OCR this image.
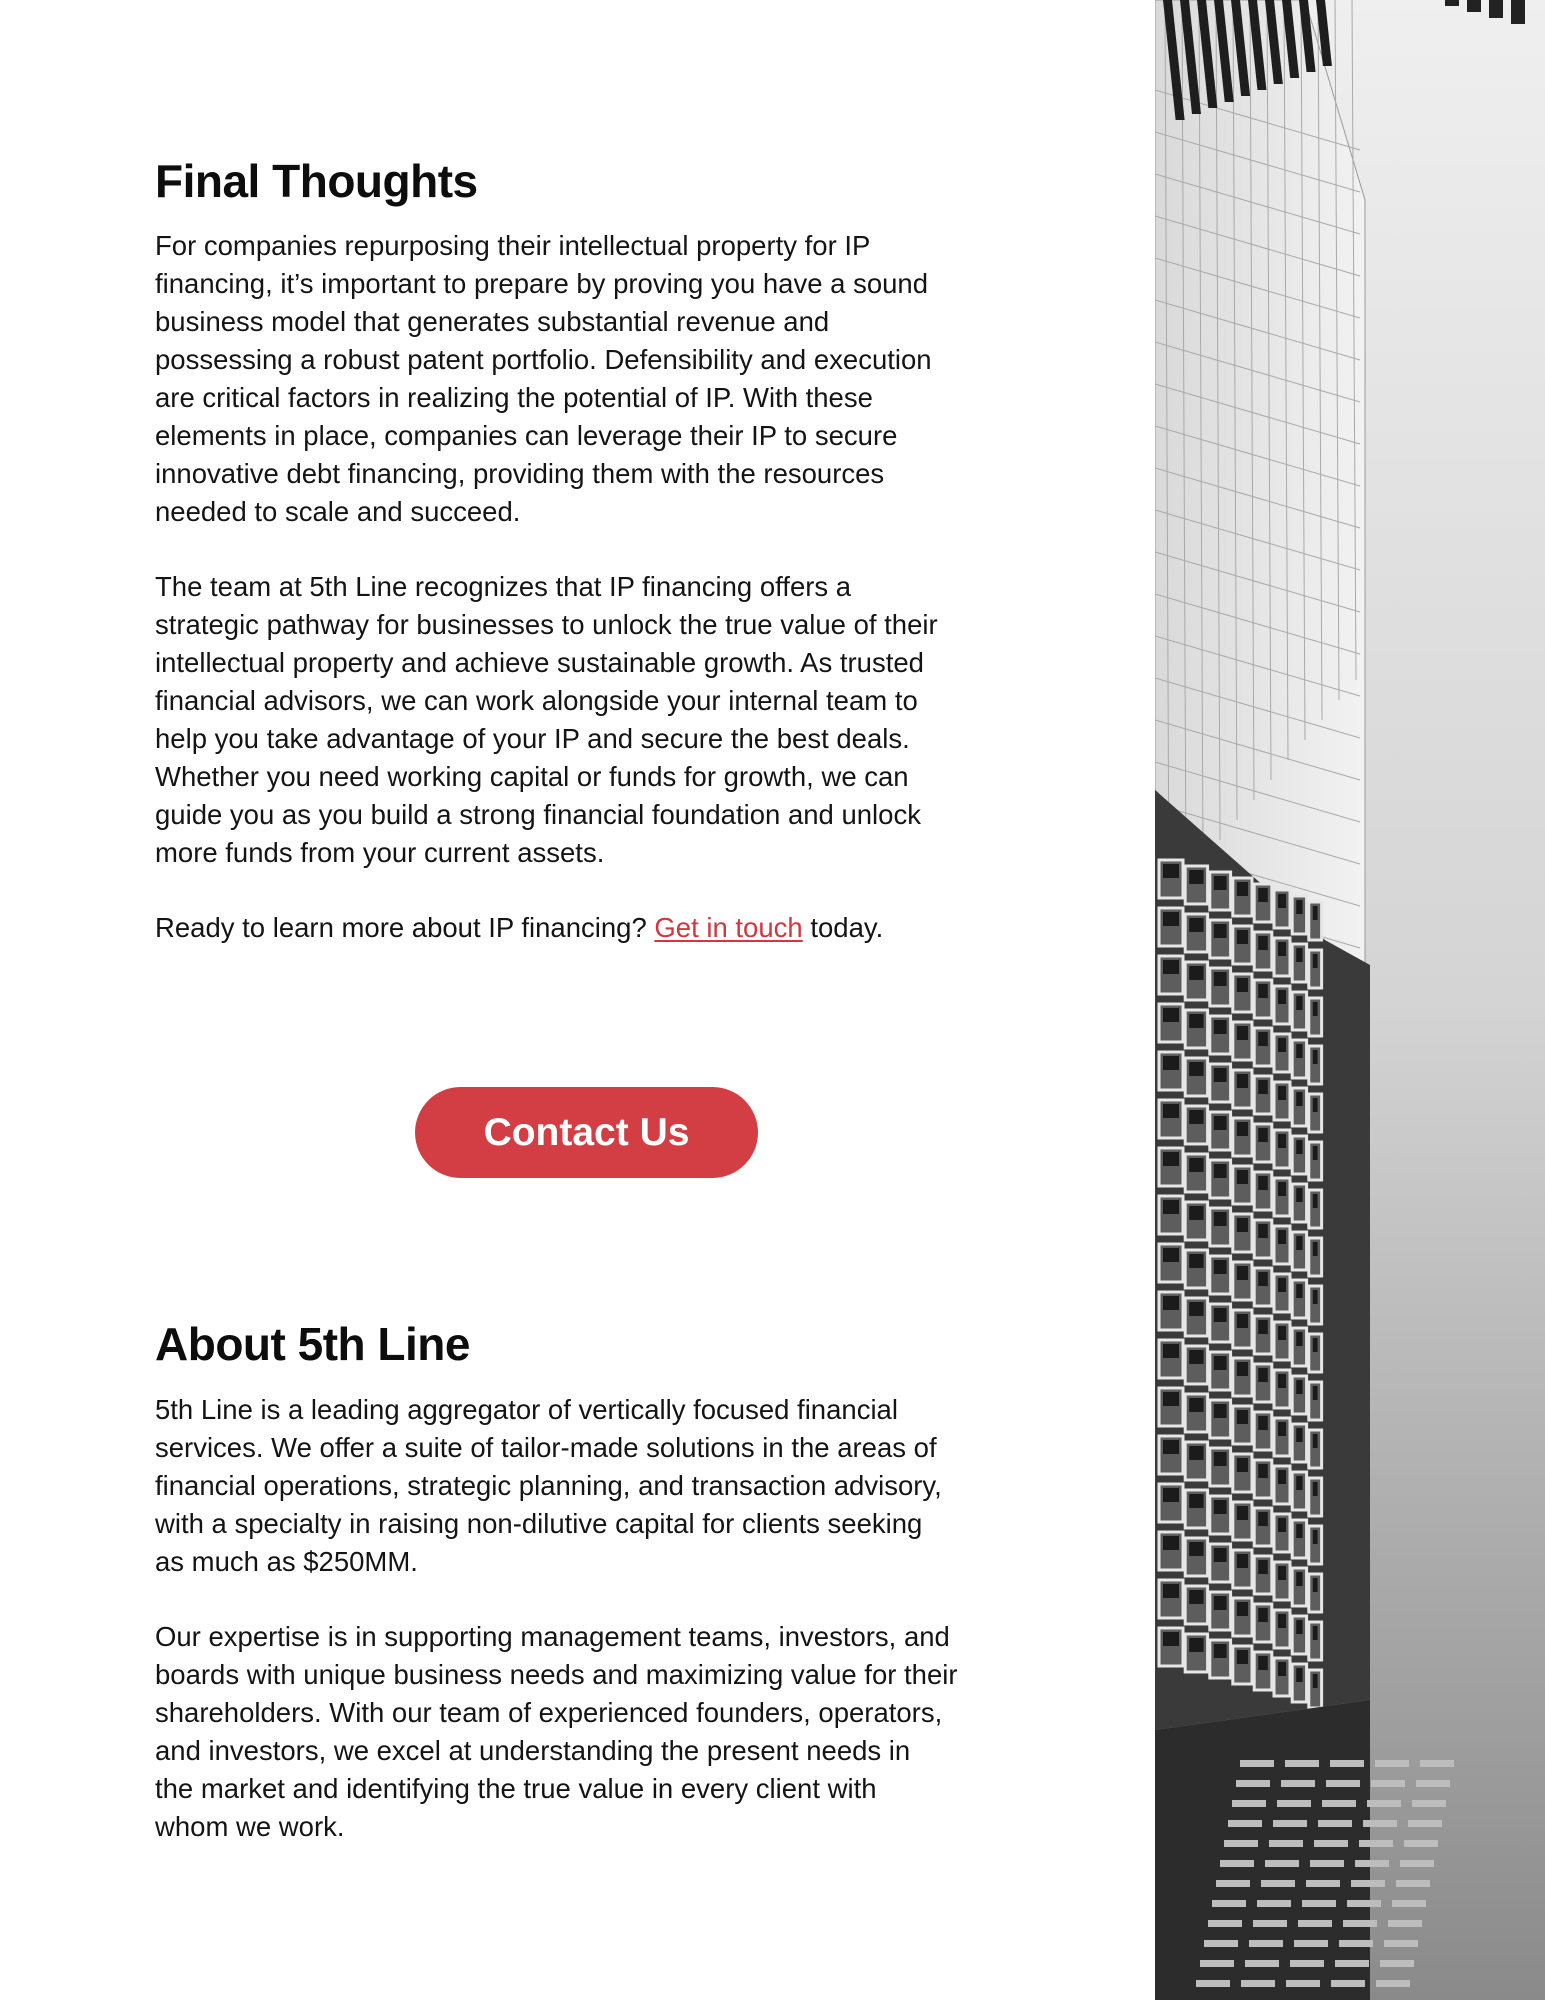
Final Thoughts
For companies repurposing their intellectual property for IP
financing, it’s important to prepare by proving you have a sound
business model that generates substantial revenue and
possessing a robust patent portfolio. Defensibility and execution
are critical factors in realizing the potential of IP. With these
elements in place, companies can leverage their IP to secure
innovative debt financing, providing them with the resources
needed to scale and succeed.
The team at 5th Line recognizes that IP financing offers a
strategic pathway for businesses to unlock the true value of their
intellectual property and achieve sustainable growth. As trusted
financial advisors, we can work alongside your internal team to
help you take advantage of your IP and secure the best deals.
Whether you need working capital or funds for growth, we can
guide you as you build a strong financial foundation and unlock
more funds from your current assets.
Ready to learn more about IP financing? Get in touch today.
Contact Us
About 5th Line
5th Line is a leading aggregator of vertically focused financial
services. We offer a suite of tailor-made solutions in the areas of
financial operations, strategic planning, and transaction advisory,
with a specialty in raising non-dilutive capital for clients seeking
as much as $250MM.
Our expertise is in supporting management teams, investors, and
boards with unique business needs and maximizing value for their
shareholders. With our team of experienced founders, operators,
and investors, we excel at understanding the present needs in
the market and identifying the true value in every client with
whom we work.
